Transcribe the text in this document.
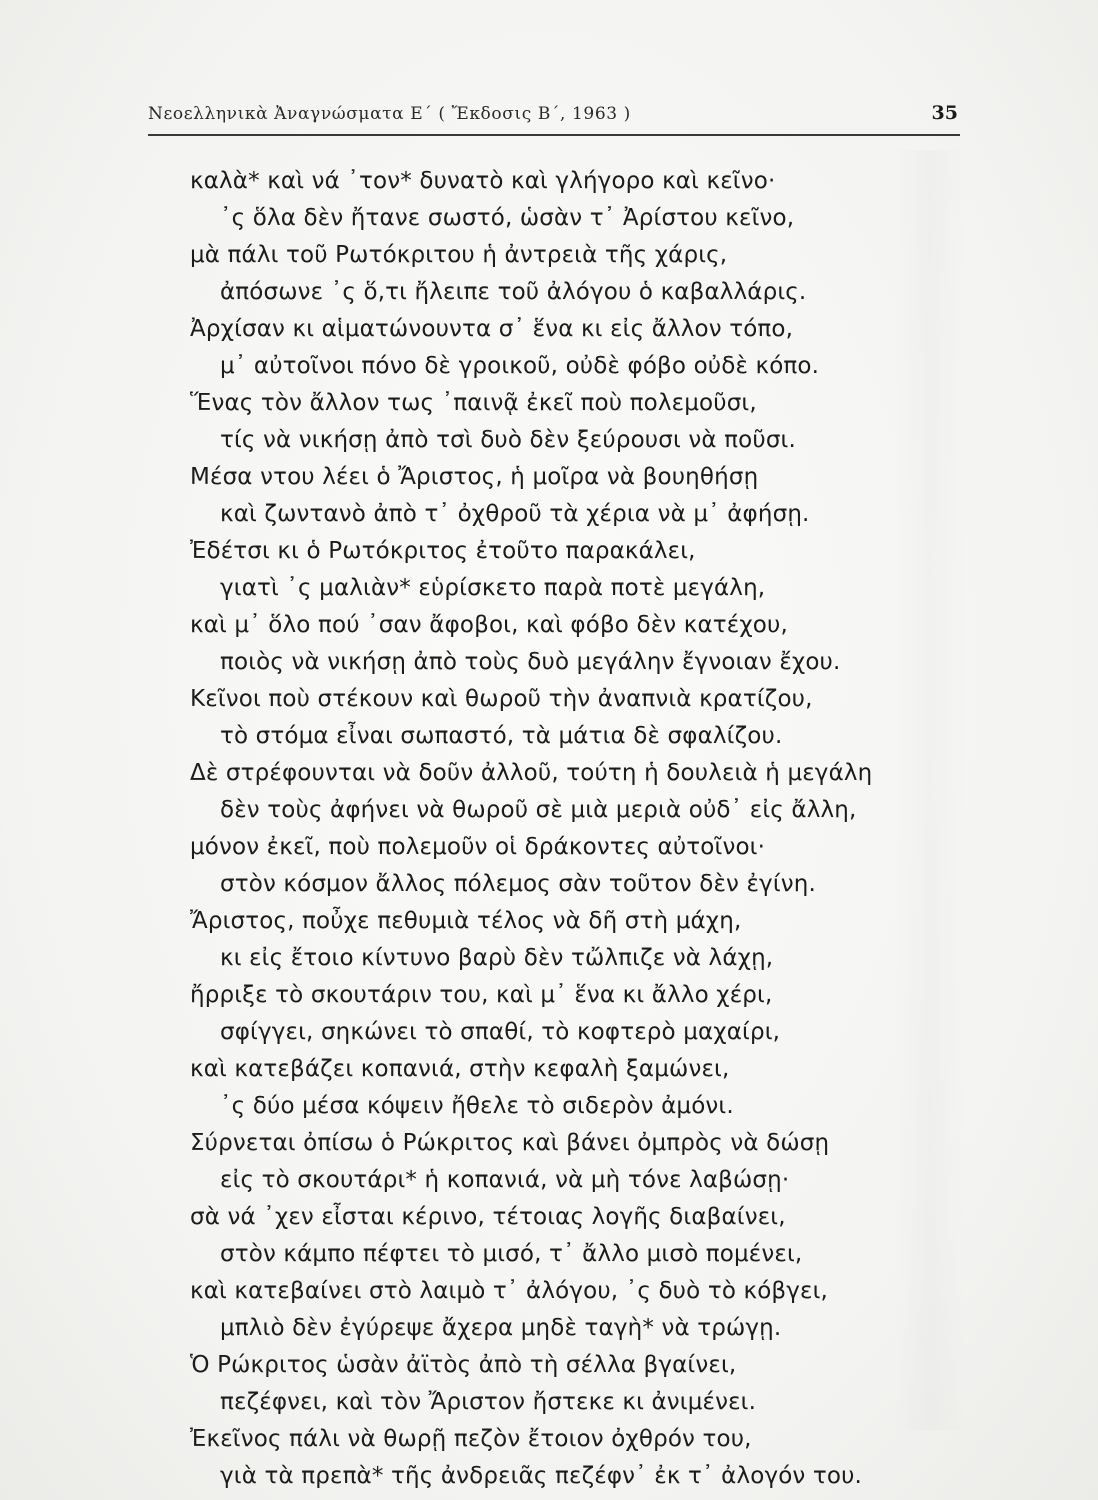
Νεοελληνικὰ Ἀναγνώσματα Ε΄ ( Ἔκδοσις Β΄, 1963 )	35
καλὰ* καὶ νά ᾿τον* δυνατὸ καὶ γλήγορο καὶ κεῖνο·
᾿ς ὅλα δὲν ἤτανε σωστό, ὡσὰν τ᾿ Ἀρίστου κεῖνο,
μὰ πάλι τοῦ Ρωτόκριτου ἡ ἀντρειὰ τῆς χάρις,
ἀπόσωνε ᾿ς ὅ,τι ἤλειπε τοῦ ἀλόγου ὁ καβαλλάρις.
Ἀρχίσαν κι αἱματώνουντα σ᾿ ἕνα κι εἰς ἄλλον τόπο,
μ᾿ αὐτοῖνοι πόνο δὲ γροικοῦ, οὐδὲ φόβο οὐδὲ κόπο.
Ἕνας τὸν ἄλλον τως ᾿παινᾷ ἐκεῖ ποὺ πολεμοῦσι,
τίς νὰ νικήσῃ ἀπὸ τσὶ δυὸ δὲν ξεύρουσι νὰ ποῦσι.
Μέσα ντου λέει ὁ Ἄριστος, ἡ μοῖρα νὰ βουηθήσῃ
καὶ ζωντανὸ ἀπὸ τ᾿ ὀχθροῦ τὰ χέρια νὰ μ᾿ ἀφήσῃ.
Ἐδέτσι κι ὁ Ρωτόκριτος ἐτοῦτο παρακάλει,
γιατὶ ᾿ς μαλιὰν* εὑρίσκετο παρὰ ποτὲ μεγάλη,
καὶ μ᾿ ὅλο πού ᾿σαν ἄφοβοι, καὶ φόβο δὲν κατέχου,
ποιὸς νὰ νικήσῃ ἀπὸ τοὺς δυὸ μεγάλην ἔγνοιαν ἔχου.
Κεῖνοι ποὺ στέκουν καὶ θωροῦ τὴν ἀναπνιὰ κρατίζου,
τὸ στόμα εἶναι σωπαστό, τὰ μάτια δὲ σφαλίζου.
Δὲ στρέφουνται νὰ δοῦν ἀλλοῦ, τούτη ἡ δουλειὰ ἡ μεγάλη
δὲν τοὺς ἀφήνει νὰ θωροῦ σὲ μιὰ μεριὰ οὐδ᾿ εἰς ἄλλη,
μόνον ἐκεῖ, ποὺ πολεμοῦν οἱ δράκοντες αὐτοῖνοι·
στὸν κόσμον ἄλλος πόλεμος σὰν τοῦτον δὲν ἐγίνη.
Ἄριστος, ποὖχε πεθυμιὰ τέλος νὰ δῆ στὴ μάχη,
κι εἰς ἔτοιο κίντυνο βαρὺ δὲν τὤλπιζε νὰ λάχῃ,
ἤρριξε τὸ σκουτάριν του, καὶ μ᾿ ἕνα κι ἄλλο χέρι,
σφίγγει, σηκώνει τὸ σπαθί, τὸ κοφτερὸ μαχαίρι,
καὶ κατεβάζει κοπανιά, στὴν κεφαλὴ ξαμώνει,
᾿ς δύο μέσα κόψειν ἤθελε τὸ σιδερὸν ἀμόνι.
Σύρνεται ὀπίσω ὁ Ρώκριτος καὶ βάνει ὀμπρὸς νὰ δώσῃ
εἰς τὸ σκουτάρι* ἡ κοπανιά, νὰ μὴ τόνε λαβώσῃ·
σὰ νά ᾿χεν εἶσται κέρινο, τέτοιας λογῆς διαβαίνει,
στὸν κάμπο πέφτει τὸ μισό, τ᾿ ἄλλο μισὸ πομένει,
καὶ κατεβαίνει στὸ λαιμὸ τ᾿ ἀλόγου, ᾿ς δυὸ τὸ κόβγει,
μπλιὸ δὲν ἐγύρεψε ἄχερα μηδὲ ταγὴ* νὰ τρώγῃ.
Ὁ Ρώκριτος ὡσὰν ἀϊτὸς ἀπὸ τὴ σέλλα βγαίνει,
πεζέφνει, καὶ τὸν Ἄριστον ἤστεκε κι ἀνιμένει.
Ἐκεῖνος πάλι νὰ θωρῇ πεζὸν ἔτοιον ὀχθρόν του,
γιὰ τὰ πρεπὰ* τῆς ἀνδρειᾶς πεζέφν᾿ ἐκ τ᾿ ἀλογόν του.
